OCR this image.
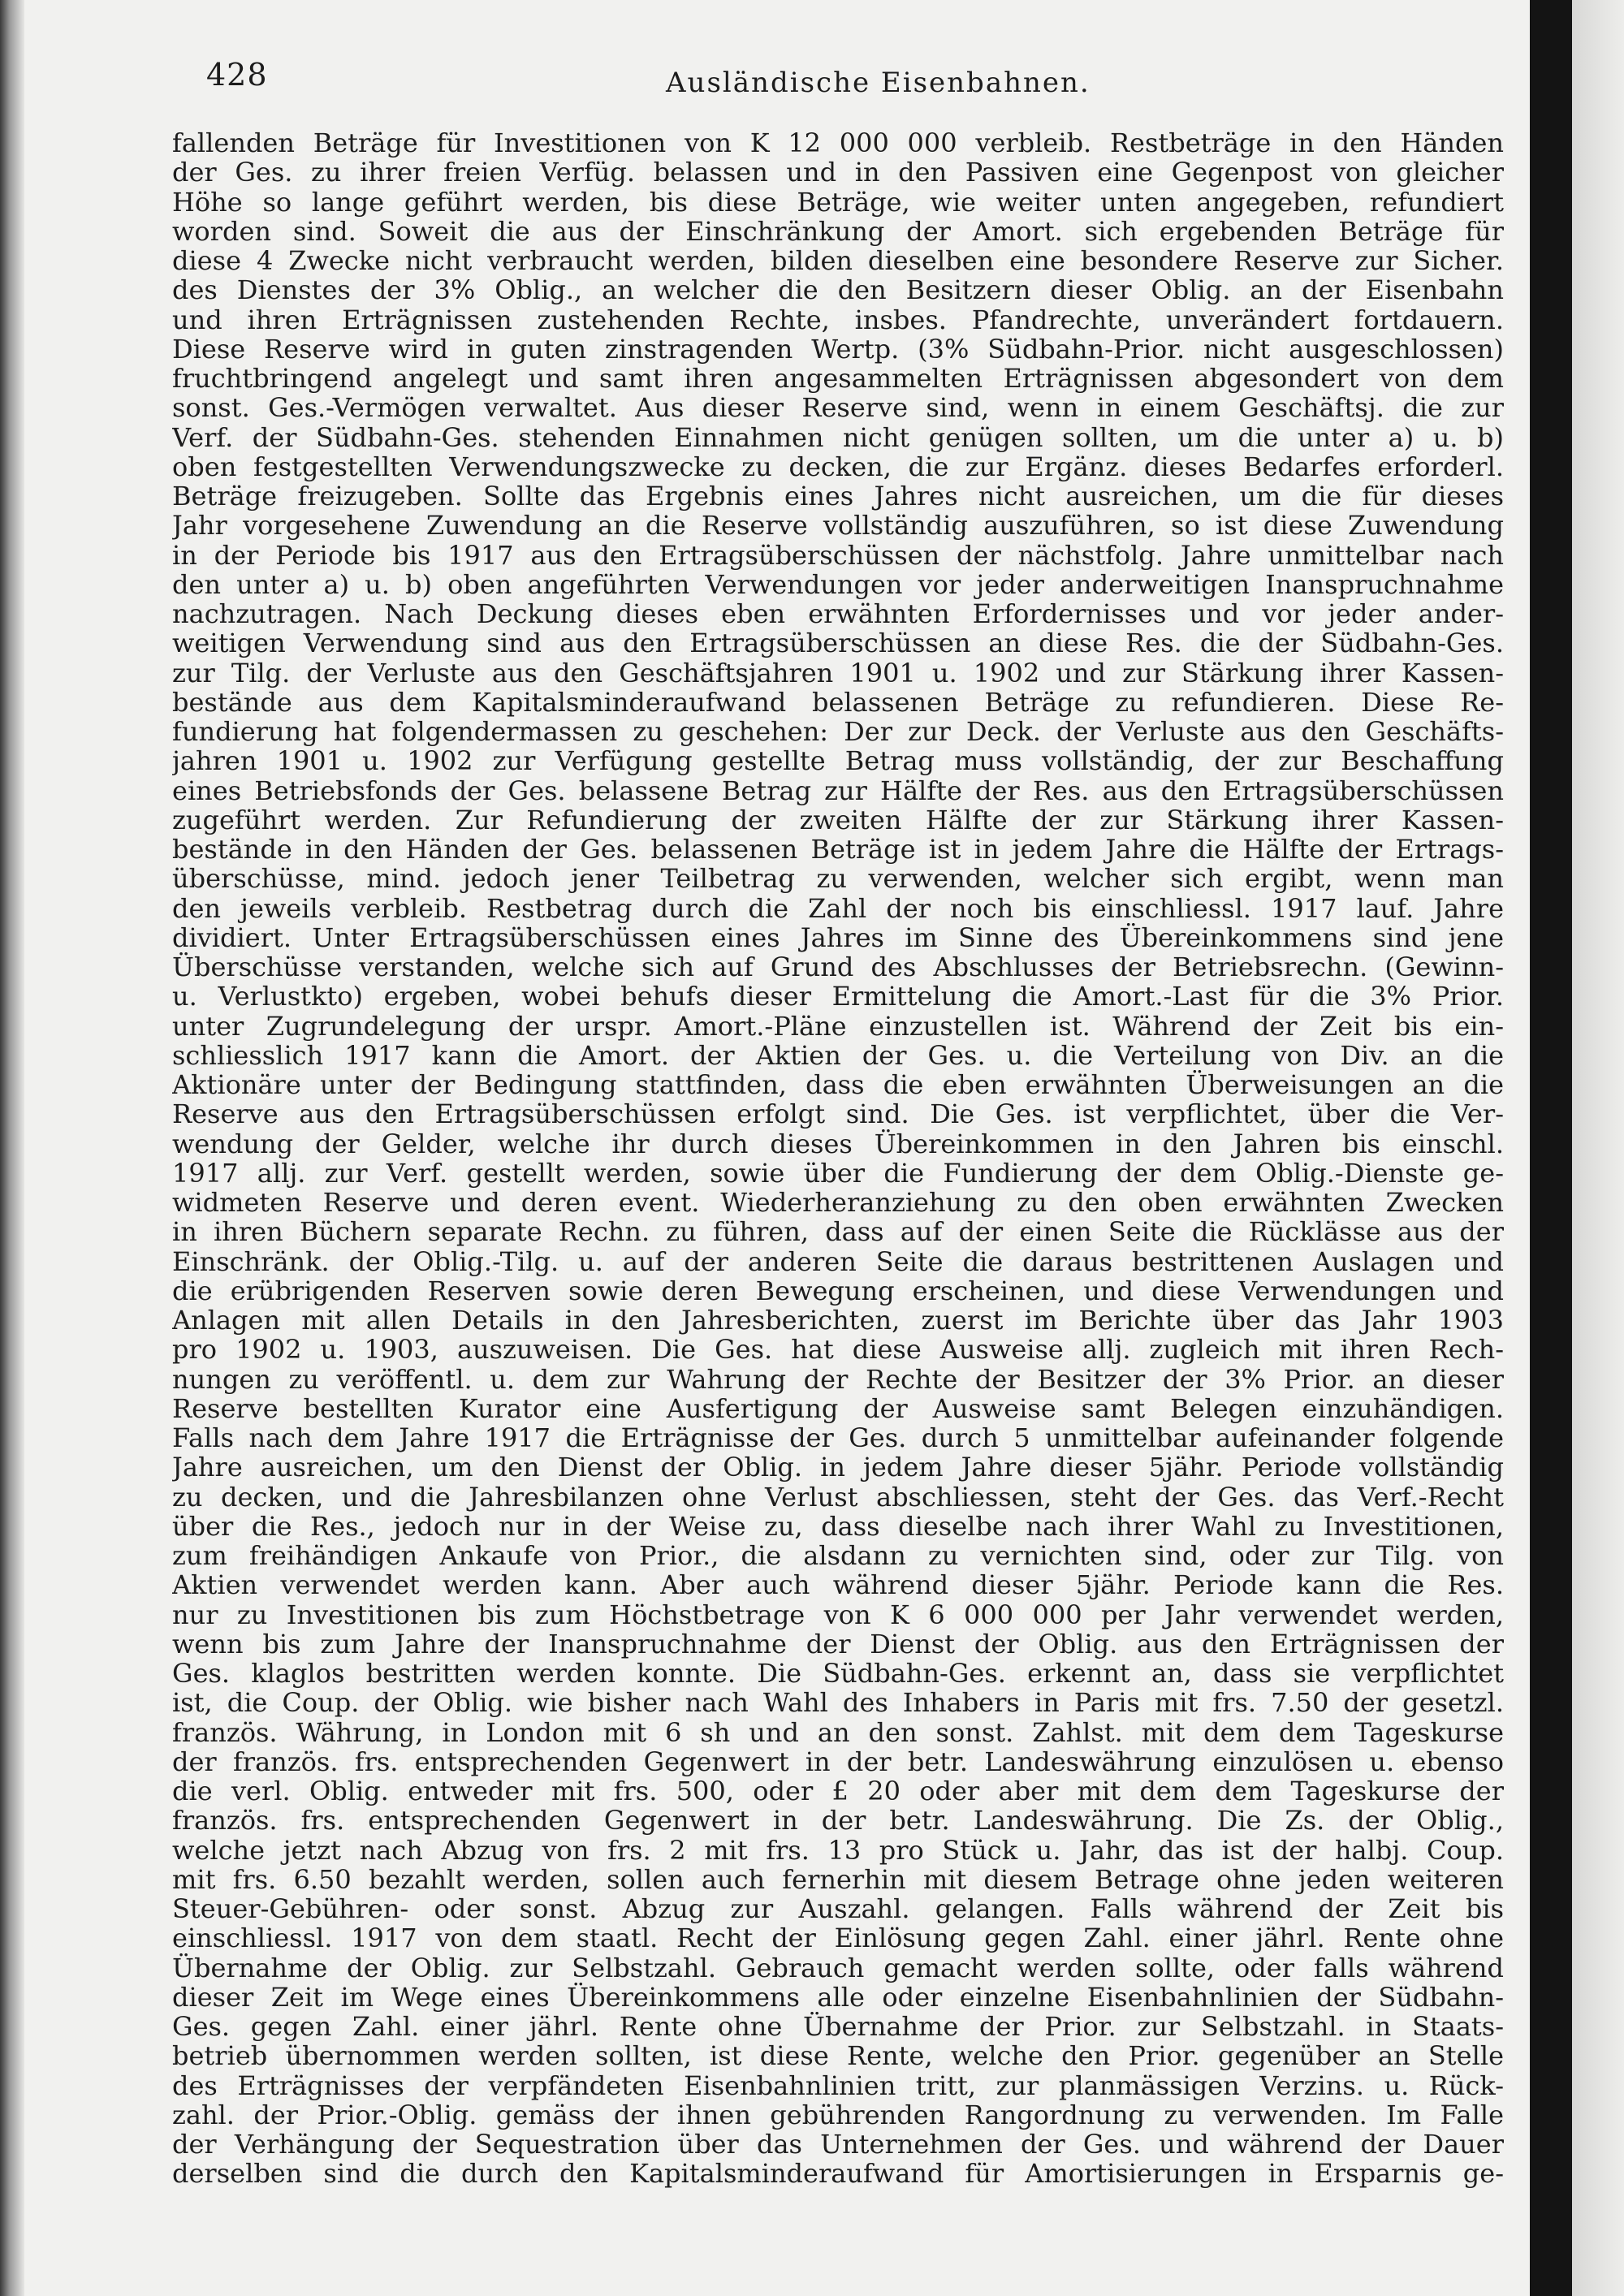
428	Ausländische Eisenbahnen.
fallenden Beträge für Investitionen von K 12 000 000 verbleib. Restbeträge in den Händen
der Ges. zu ihrer freien Verfüg. belassen und in den Passiven eine Gegenpost von gleicher
Höhe so lange geführt werden, bis diese Beträge, wie weiter unten angegeben, refundiert
worden sind. Soweit die aus der Einschränkung der Amort. sich ergebenden Beträge für
diese 4 Zwecke nicht verbraucht werden, bilden dieselben eine besondere Reserve zur Sicher.
des Dienstes der 3% Oblig., an welcher die den Besitzern dieser Oblig. an der Eisenbahn
und ihren Erträgnissen zustehenden Rechte, insbes. Pfandrechte, unverändert fortdauern.
Diese Reserve wird in guten zinstragenden Wertp. (3% Südbahn-Prior. nicht ausgeschlossen)
fruchtbringend angelegt und samt ihren angesammelten Erträgnissen abgesondert von dem
sonst. Ges.-Vermögen verwaltet. Aus dieser Reserve sind, wenn in einem Geschäftsj. die zur
Verf. der Südbahn-Ges. stehenden Einnahmen nicht genügen sollten, um die unter a) u. b)
oben festgestellten Verwendungszwecke zu decken, die zur Ergänz. dieses Bedarfes erforderl.
Beträge freizugeben. Sollte das Ergebnis eines Jahres nicht ausreichen, um die für dieses
Jahr vorgesehene Zuwendung an die Reserve vollständig auszuführen, so ist diese Zuwendung
in der Periode bis 1917 aus den Ertragsüberschüssen der nächstfolg. Jahre unmittelbar nach
den unter a) u. b) oben angeführten Verwendungen vor jeder anderweitigen Inanspruchnahme
nachzutragen. Nach Deckung dieses eben erwähnten Erfordernisses und vor jeder ander-
weitigen Verwendung sind aus den Ertragsüberschüssen an diese Res. die der Südbahn-Ges.
zur Tilg. der Verluste aus den Geschäftsjahren 1901 u. 1902 und zur Stärkung ihrer Kassen-
bestände aus dem Kapitalsminderaufwand belassenen Beträge zu refundieren. Diese Re-
fundierung hat folgendermassen zu geschehen: Der zur Deck. der Verluste aus den Geschäfts-
jahren 1901 u. 1902 zur Verfügung gestellte Betrag muss vollständig, der zur Beschaffung
eines Betriebsfonds der Ges. belassene Betrag zur Hälfte der Res. aus den Ertragsüberschüssen
zugeführt werden. Zur Refundierung der zweiten Hälfte der zur Stärkung ihrer Kassen-
bestände in den Händen der Ges. belassenen Beträge ist in jedem Jahre die Hälfte der Ertrags-
überschüsse, mind. jedoch jener Teilbetrag zu verwenden, welcher sich ergibt, wenn man
den jeweils verbleib. Restbetrag durch die Zahl der noch bis einschliessl. 1917 lauf. Jahre
dividiert. Unter Ertragsüberschüssen eines Jahres im Sinne des Übereinkommens sind jene
Überschüsse verstanden, welche sich auf Grund des Abschlusses der Betriebsrechn. (Gewinn-
u. Verlustkto) ergeben, wobei behufs dieser Ermittelung die Amort.-Last für die 3% Prior.
unter Zugrundelegung der urspr. Amort.-Pläne einzustellen ist. Während der Zeit bis ein-
schliesslich 1917 kann die Amort. der Aktien der Ges. u. die Verteilung von Div. an die
Aktionäre unter der Bedingung stattfinden, dass die eben erwähnten Überweisungen an die
Reserve aus den Ertragsüberschüssen erfolgt sind. Die Ges. ist verpflichtet, über die Ver-
wendung der Gelder, welche ihr durch dieses Übereinkommen in den Jahren bis einschl.
1917 allj. zur Verf. gestellt werden, sowie über die Fundierung der dem Oblig.-Dienste ge-
widmeten Reserve und deren event. Wiederheranziehung zu den oben erwähnten Zwecken
in ihren Büchern separate Rechn. zu führen, dass auf der einen Seite die Rücklässe aus der
Einschränk. der Oblig.-Tilg. u. auf der anderen Seite die daraus bestrittenen Auslagen und
die erübrigenden Reserven sowie deren Bewegung erscheinen, und diese Verwendungen und
Anlagen mit allen Details in den Jahresberichten, zuerst im Berichte über das Jahr 1903
pro 1902 u. 1903, auszuweisen. Die Ges. hat diese Ausweise allj. zugleich mit ihren Rech-
nungen zu veröffentl. u. dem zur Wahrung der Rechte der Besitzer der 3% Prior. an dieser
Reserve bestellten Kurator eine Ausfertigung der Ausweise samt Belegen einzuhändigen.
Falls nach dem Jahre 1917 die Erträgnisse der Ges. durch 5 unmittelbar aufeinander folgende
Jahre ausreichen, um den Dienst der Oblig. in jedem Jahre dieser 5jähr. Periode vollständig
zu decken, und die Jahresbilanzen ohne Verlust abschliessen, steht der Ges. das Verf.-Recht
über die Res., jedoch nur in der Weise zu, dass dieselbe nach ihrer Wahl zu Investitionen,
zum freihändigen Ankaufe von Prior., die alsdann zu vernichten sind, oder zur Tilg. von
Aktien verwendet werden kann. Aber auch während dieser 5jähr. Periode kann die Res.
nur zu Investitionen bis zum Höchstbetrage von K 6 000 000 per Jahr verwendet werden,
wenn bis zum Jahre der Inanspruchnahme der Dienst der Oblig. aus den Erträgnissen der
Ges. klaglos bestritten werden konnte. Die Südbahn-Ges. erkennt an, dass sie verpflichtet
ist, die Coup. der Oblig. wie bisher nach Wahl des Inhabers in Paris mit frs. 7.50 der gesetzl.
französ. Währung, in London mit 6 sh und an den sonst. Zahlst. mit dem dem Tageskurse
der französ. frs. entsprechenden Gegenwert in der betr. Landeswährung einzulösen u. ebenso
die verl. Oblig. entweder mit frs. 500, oder £ 20 oder aber mit dem dem Tageskurse der
französ. frs. entsprechenden Gegenwert in der betr. Landeswährung. Die Zs. der Oblig.,
welche jetzt nach Abzug von frs. 2 mit frs. 13 pro Stück u. Jahr, das ist der halbj. Coup.
mit frs. 6.50 bezahlt werden, sollen auch fernerhin mit diesem Betrage ohne jeden weiteren
Steuer-Gebühren- oder sonst. Abzug zur Auszahl. gelangen. Falls während der Zeit bis
einschliessl. 1917 von dem staatl. Recht der Einlösung gegen Zahl. einer jährl. Rente ohne
Übernahme der Oblig. zur Selbstzahl. Gebrauch gemacht werden sollte, oder falls während
dieser Zeit im Wege eines Übereinkommens alle oder einzelne Eisenbahnlinien der Südbahn-
Ges. gegen Zahl. einer jährl. Rente ohne Übernahme der Prior. zur Selbstzahl. in Staats-
betrieb übernommen werden sollten, ist diese Rente, welche den Prior. gegenüber an Stelle
des Erträgnisses der verpfändeten Eisenbahnlinien tritt, zur planmässigen Verzins. u. Rück-
zahl. der Prior.-Oblig. gemäss der ihnen gebührenden Rangordnung zu verwenden. Im Falle
der Verhängung der Sequestration über das Unternehmen der Ges. und während der Dauer
derselben sind die durch den Kapitalsminderaufwand für Amortisierungen in Ersparnis ge-
